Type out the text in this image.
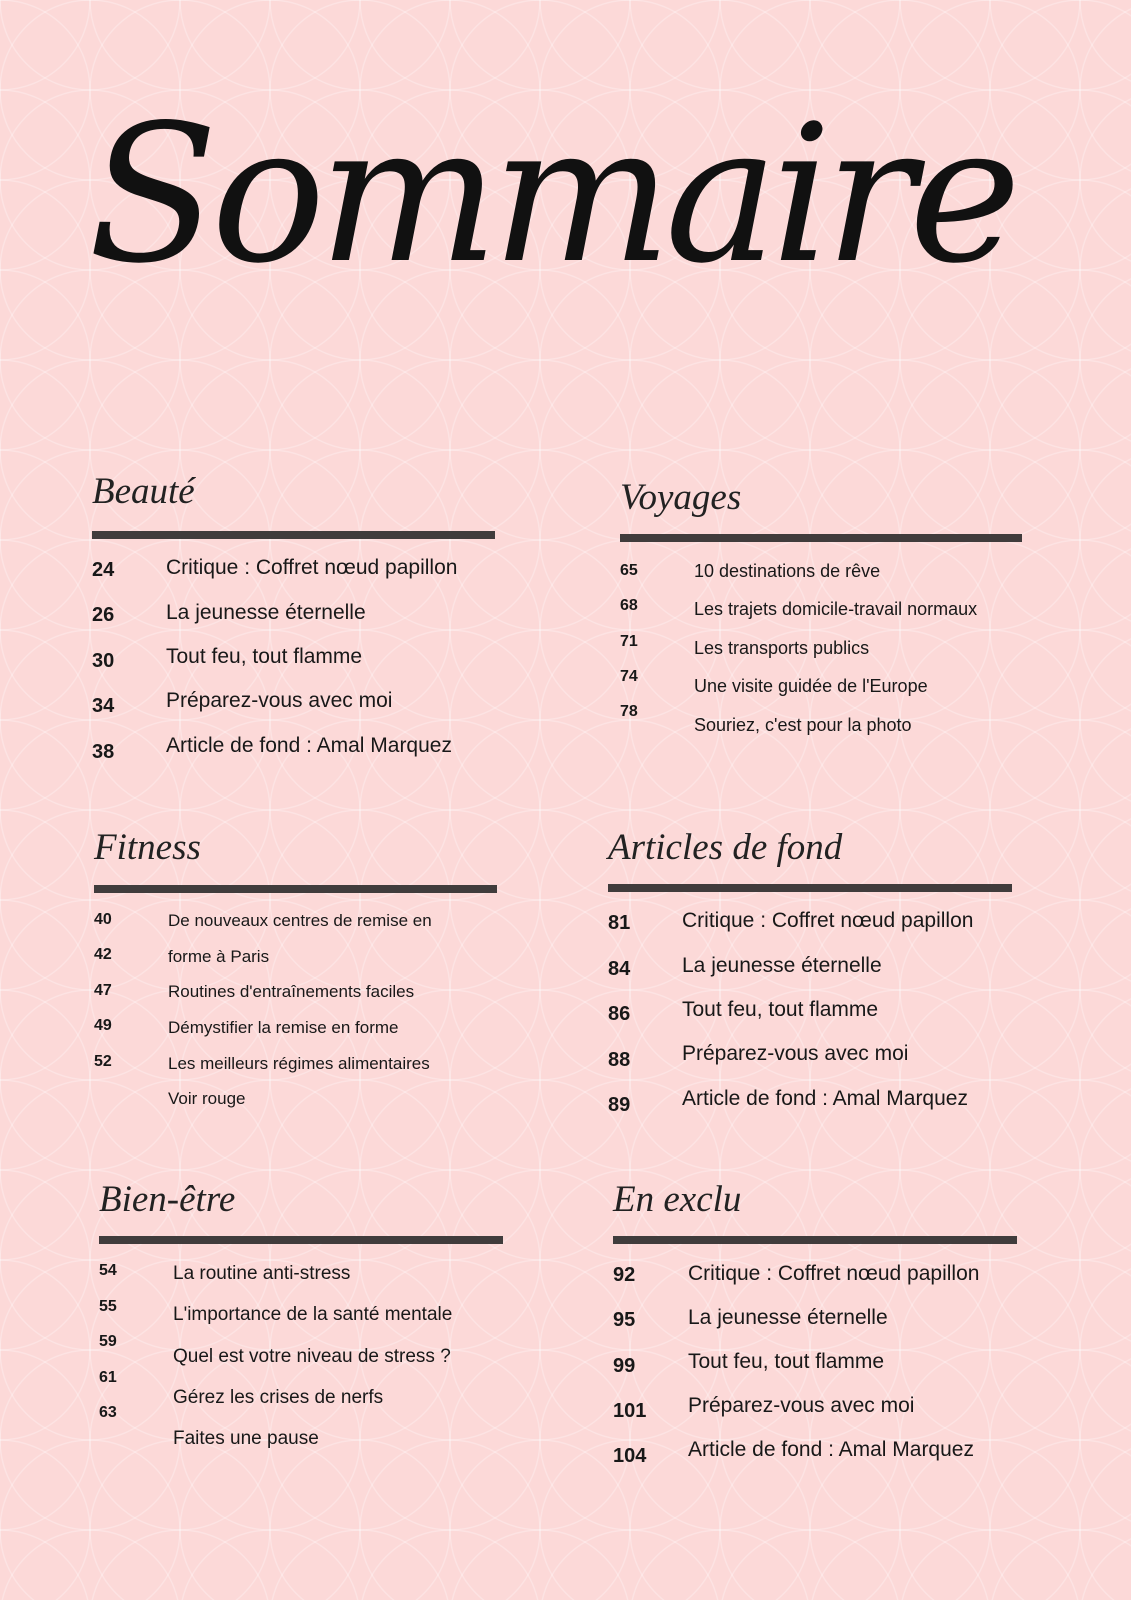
Sommaire
Beauté
24
26
30
34
38
Critique : Coffret nœud papillon
La jeunesse éternelle
Tout feu, tout flamme
Préparez-vous avec moi
Article de fond : Amal Marquez
Voyages
65
68
71
74
78
10 destinations de rêve
Les trajets domicile-travail normaux
Les transports publics
Une visite guidée de l'Europe
Souriez, c'est pour la photo
Fitness
40
42
47
49
52
De nouveaux centres de remise en
forme à Paris
Routines d'entraînements faciles
Démystifier la remise en forme
Les meilleurs régimes alimentaires
Voir rouge
Articles de fond
81
84
86
88
89
Critique : Coffret nœud papillon
La jeunesse éternelle
Tout feu, tout flamme
Préparez-vous avec moi
Article de fond : Amal Marquez
Bien-être
54
55
59
61
63
La routine anti-stress
L'importance de la santé mentale
Quel est votre niveau de stress ?
Gérez les crises de nerfs
Faites une pause
En exclu
92
95
99
101
104
Critique : Coffret nœud papillon
La jeunesse éternelle
Tout feu, tout flamme
Préparez-vous avec moi
Article de fond : Amal Marquez
